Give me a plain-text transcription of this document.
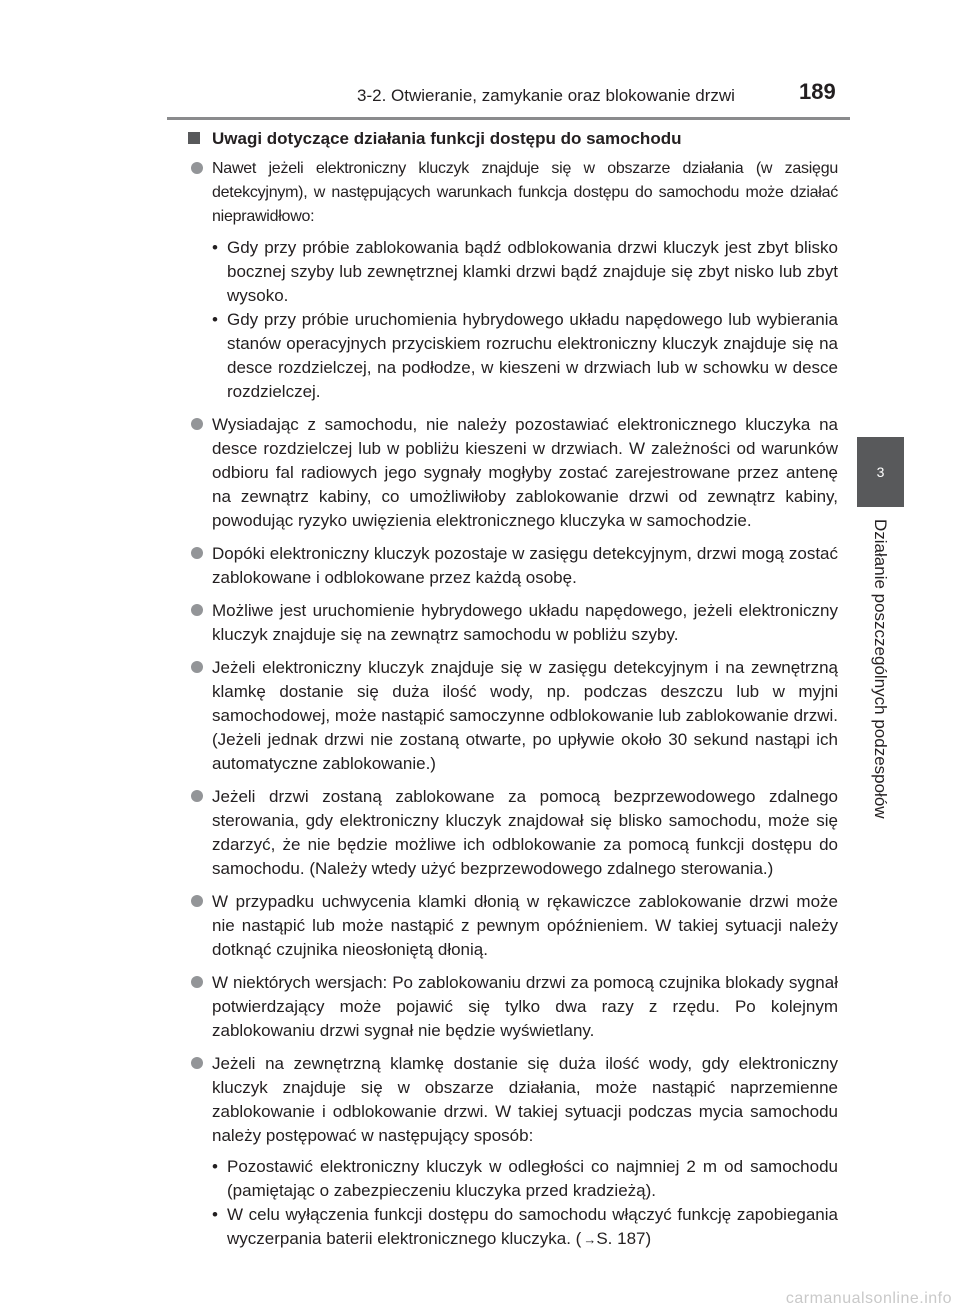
3-2. Otwieranie, zamykanie oraz blokowanie drzwi	189
3
Działanie poszczególnych podzespołów
Uwagi dotyczące działania funkcji dostępu do samochodu
Nawet jeżeli elektroniczny kluczyk znajduje się w obszarze działania (w zasięgu detekcyjnym), w następujących warunkach funkcja dostępu do samochodu może działać nieprawidłowo:
• Gdy przy próbie zablokowania bądź odblokowania drzwi kluczyk jest zbyt blisko bocznej szyby lub zewnętrznej klamki drzwi bądź znajduje się zbyt nisko lub zbyt wysoko.
• Gdy przy próbie uruchomienia hybrydowego układu napędowego lub wybierania stanów operacyjnych przyciskiem rozruchu elektroniczny kluczyk znajduje się na desce rozdzielczej, na podłodze, w kieszeni w drzwiach lub w schowku w desce rozdzielczej.
Wysiadając z samochodu, nie należy pozostawiać elektronicznego kluczyka na desce rozdzielczej lub w pobliżu kieszeni w drzwiach. W zależności od warunków odbioru fal radiowych jego sygnały mogłyby zostać zarejestrowane przez antenę na zewnątrz kabiny, co umożliwiłoby zablokowanie drzwi od zewnątrz kabiny, powodując ryzyko uwięzienia elektronicznego kluczyka w samochodzie.
Dopóki elektroniczny kluczyk pozostaje w zasięgu detekcyjnym, drzwi mogą zostać zablokowane i odblokowane przez każdą osobę.
Możliwe jest uruchomienie hybrydowego układu napędowego, jeżeli elektroniczny kluczyk znajduje się na zewnątrz samochodu w pobliżu szyby.
Jeżeli elektroniczny kluczyk znajduje się w zasięgu detekcyjnym i na zewnętrzną klamkę dostanie się duża ilość wody, np. podczas deszczu lub w myjni samochodowej, może nastąpić samoczynne odblokowanie lub zablokowanie drzwi. (Jeżeli jednak drzwi nie zostaną otwarte, po upływie około 30 sekund nastąpi ich automatyczne zablokowanie.)
Jeżeli drzwi zostaną zablokowane za pomocą bezprzewodowego zdalnego sterowania, gdy elektroniczny kluczyk znajdował się blisko samochodu, może się zdarzyć, że nie będzie możliwe ich odblokowanie za pomocą funkcji dostępu do samochodu. (Należy wtedy użyć bezprzewodowego zdalnego sterowania.)
W przypadku uchwycenia klamki dłonią w rękawiczce zablokowanie drzwi może nie nastąpić lub może nastąpić z pewnym opóźnieniem. W takiej sytuacji należy dotknąć czujnika nieosłoniętą dłonią.
W niektórych wersjach: Po zablokowaniu drzwi za pomocą czujnika blokady sygnał potwierdzający może pojawić się tylko dwa razy z rzędu. Po kolejnym zablokowaniu drzwi sygnał nie będzie wyświetlany.
Jeżeli na zewnętrzną klamkę dostanie się duża ilość wody, gdy elektroniczny kluczyk znajduje się w obszarze działania, może nastąpić naprzemienne zablokowanie i odblokowanie drzwi. W takiej sytuacji podczas mycia samochodu należy postępować w następujący sposób:
• Pozostawić elektroniczny kluczyk w odległości co najmniej 2 m od samochodu (pamiętając o zabezpieczeniu kluczyka przed kradzieżą).
• W celu wyłączenia funkcji dostępu do samochodu włączyć funkcję zapobiegania wyczerpania baterii elektronicznego kluczyka. ( →S. 187)
carmanualsonline.info
